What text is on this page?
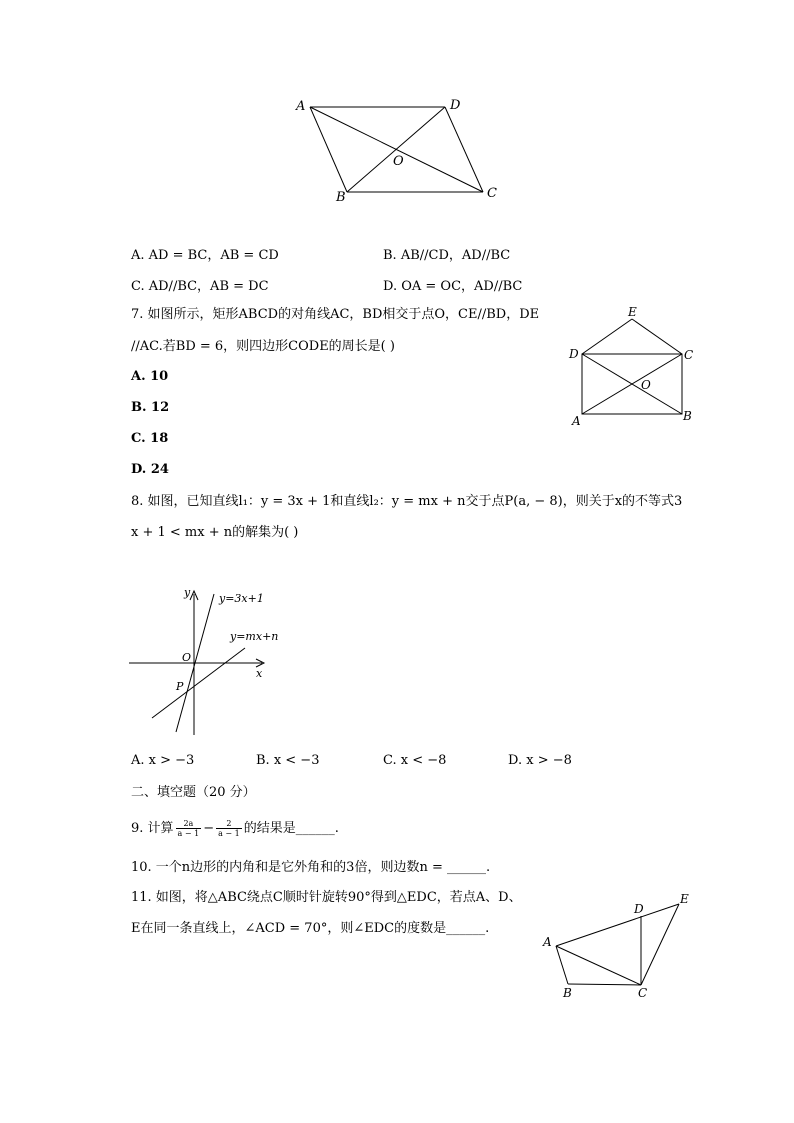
A	D
O
B	C
A. AD = BC，AB = CD	B. AB//CD，AD//BC
C. AD//BC，AB = DC	D. OA = OC，AD//BC
7. 如图所示，矩形ABCD的对角线AC，BD相交于点O，CE//BD，DE
//AC.若BD = 6，则四边形CODE的周长是( )
A. 10
B. 12
C. 18
D. 24
E
D	C
O
A	B
8. 如图，已知直线l₁：y = 3x + 1和直线l₂：y = mx + n交于点P(a, − 8)，则关于x的不等式3
x + 1 < mx + n的解集为( )
y
x
O
P
y=3x+1
y=mx+n
A. x > −3	B. x < −3	C. x < −8	D. x > −8
二、填空题（20 分）
9. 计算 $\frac{2a}{a - 1} - \frac{2}{a - 1}$ 的结果是______.
10. 一个n边形的内角和是它外角和的3倍，则边数n = ______.
11. 如图，将△ABC绕点C顺时针旋转90°得到△EDC，若点A、D、
E在同一条直线上，∠ACD = 70°，则∠EDC的度数是______.
D
E
A
B	C
